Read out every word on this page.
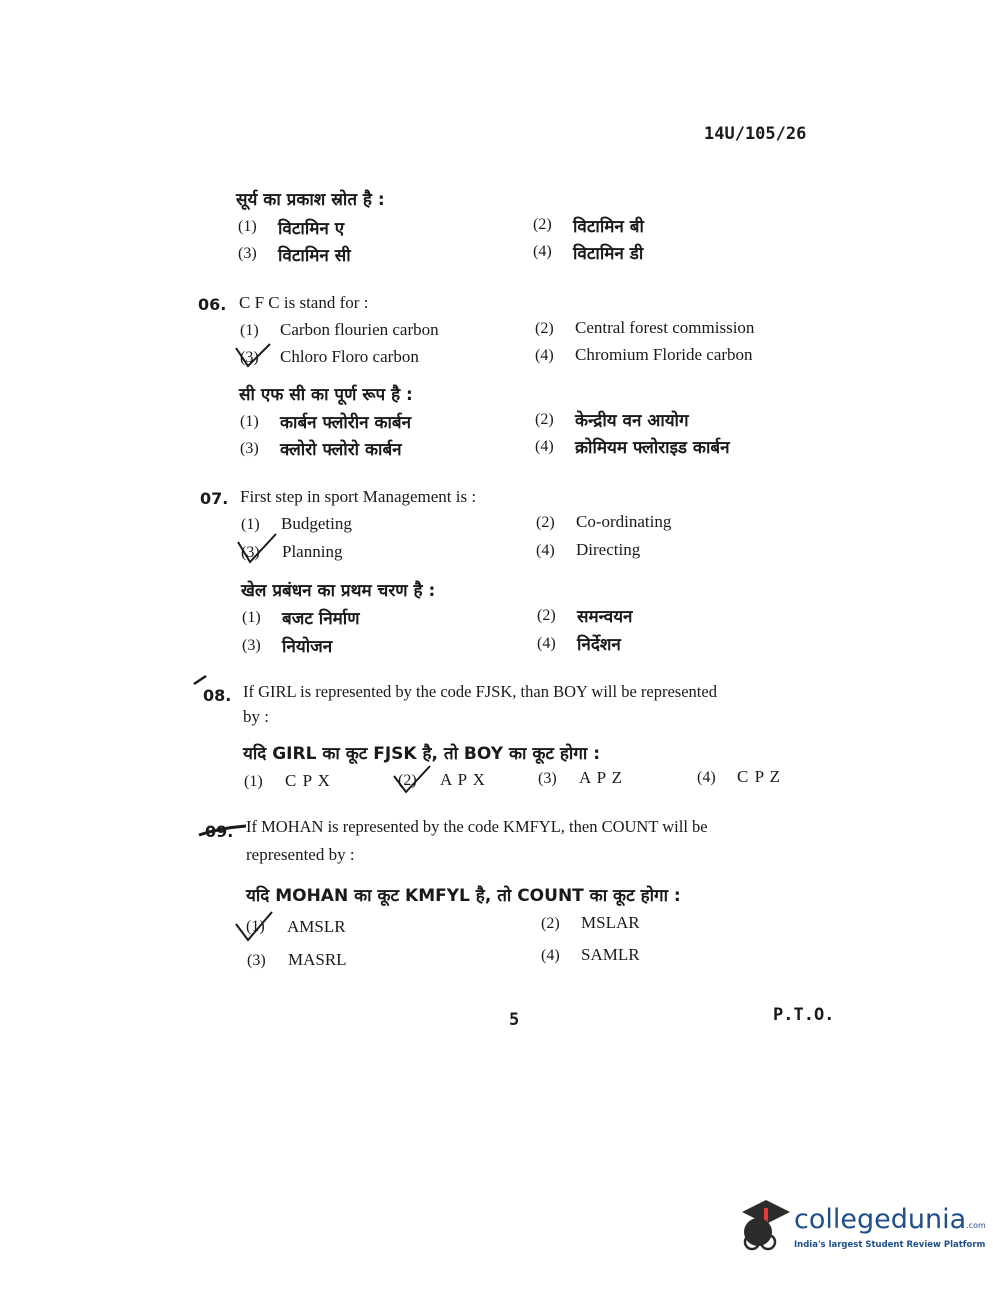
14U/105/26
सूर्य का प्रकाश स्रोत है :
(1) विटामिन ए	(2) विटामिन बी
(3) विटामिन सी	(4) विटामिन डी
06. C F C is stand for :
(1) Carbon flourien carbon	(2) Central forest commission
(3) Chloro Floro carbon	(4) Chromium Floride carbon
सी एफ सी का पूर्ण रूप है :
(1) कार्बन फ्लोरीन कार्बन	(2) केन्द्रीय वन आयोग
(3) क्लोरो फ्लोरो कार्बन	(4) क्रोमियम फ्लोराइड कार्बन
07. First step in sport Management is :
(1) Budgeting	(2) Co-ordinating
(3) Planning	(4) Directing
खेल प्रबंधन का प्रथम चरण है :
(1) बजट निर्माण	(2) समन्वयन
(3) नियोजन	(4) निर्देशन
08. If GIRL is represented by the code FJSK, than BOY will be represented
by :
यदि GIRL का कूट FJSK है, तो BOY का कूट होगा :
(1) C P X	(2) A P X	(3) A P Z	(4) C P Z
09. If MOHAN is represented by the code KMFYL, then COUNT will be
represented by :
यदि MOHAN का कूट KMFYL है, तो COUNT का कूट होगा :
(1) AMSLR	(2) MSLAR
(3) MASRL	(4) SAMLR
5	P.T.O.
collegedunia.com
India's largest Student Review Platform
